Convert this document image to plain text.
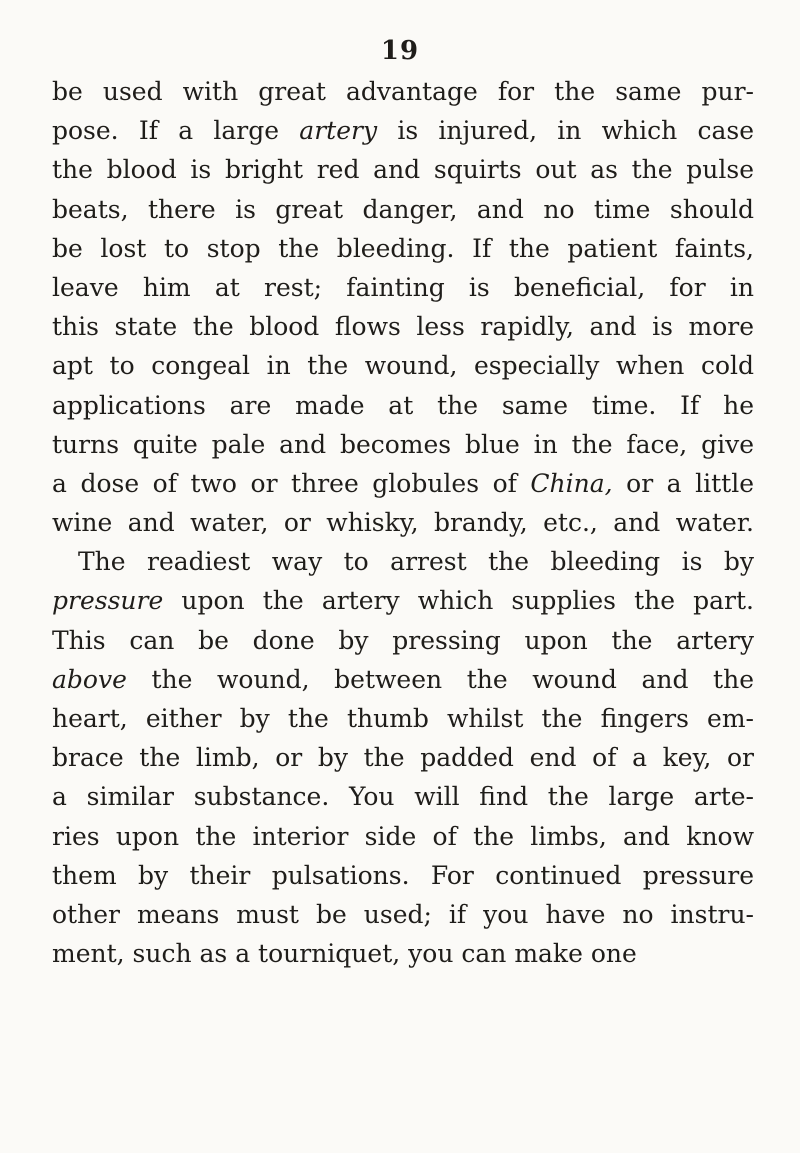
19
be used with great advantage for the same pur-
pose. If a large artery is injured, in which case
the blood is bright red and squirts out as the pulse
beats, there is great danger, and no time should
be lost to stop the bleeding. If the patient faints,
leave him at rest; fainting is beneficial, for in
this state the blood flows less rapidly, and is more
apt to congeal in the wound, especially when cold
applications are made at the same time. If he
turns quite pale and becomes blue in the face, give
a dose of two or three globules of China, or a little
wine and water, or whisky, brandy, etc., and water.
The readiest way to arrest the bleeding is by
pressure upon the artery which supplies the part.
This can be done by pressing upon the artery
above the wound, between the wound and the
heart, either by the thumb whilst the fingers em-
brace the limb, or by the padded end of a key, or
a similar substance. You will find the large arte-
ries upon the interior side of the limbs, and know
them by their pulsations. For continued pressure
other means must be used; if you have no instru-
ment, such as a tourniquet, you can make one
